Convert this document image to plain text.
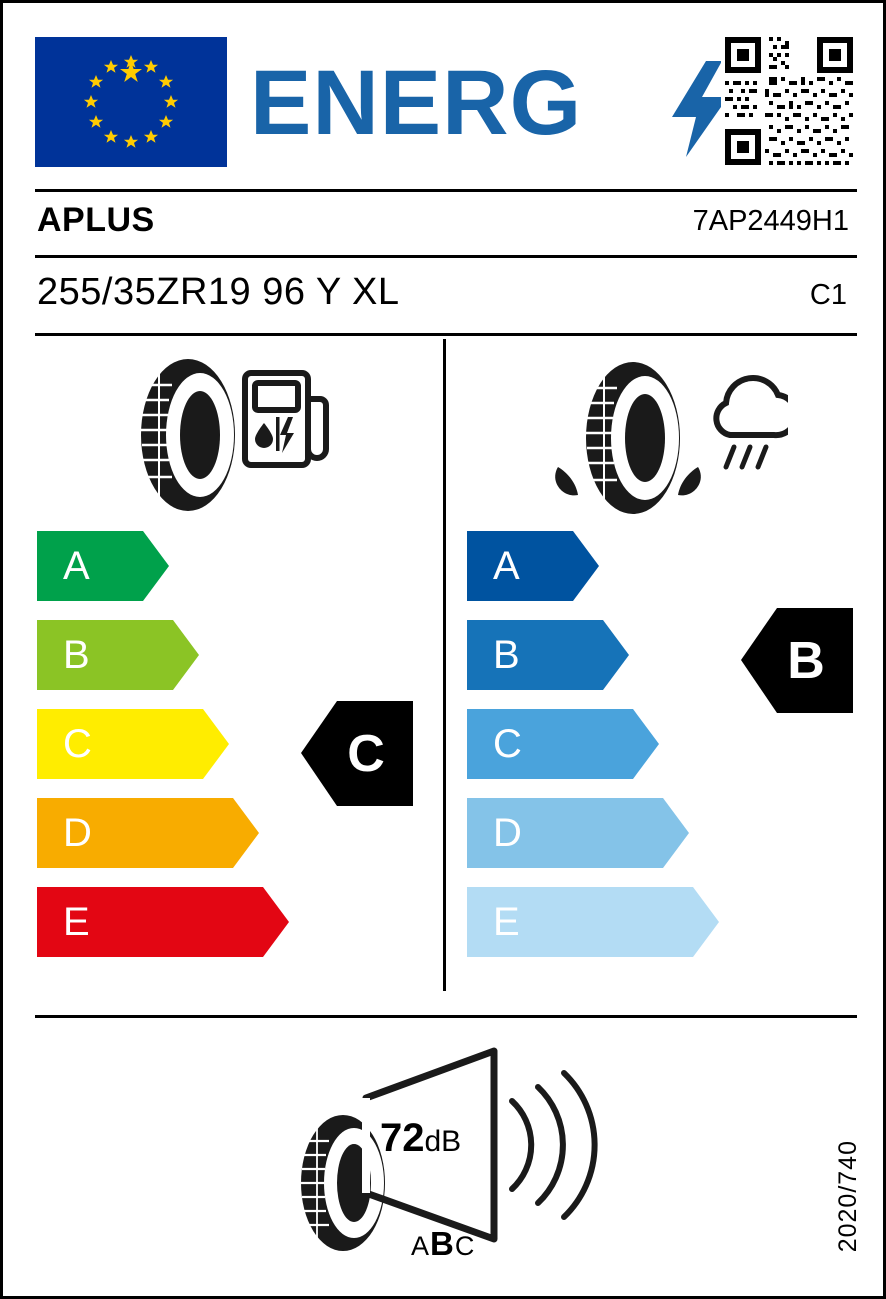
ENERG
APLUS	7AP2449H1
255/35ZR19 96 Y XL	C1
A
B
C
D
E
C
A
B
C
D
E
B
72dB
ABC	2020/740
